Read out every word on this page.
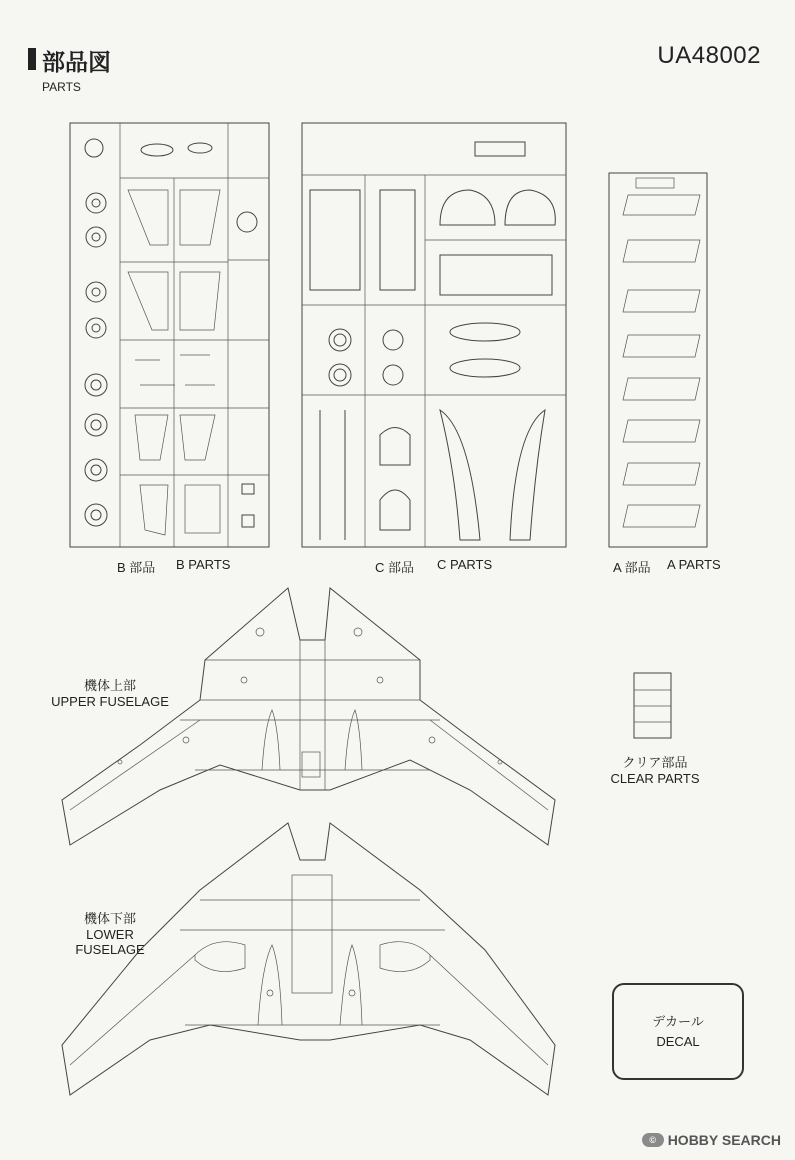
部品図
PARTS
UA48002
B 部品 B PARTS	C 部品 C PARTS	A 部品 A PARTS
機体上部
UPPER FUSELAGE
機体下部
LOWER FUSELAGE
クリア部品
CLEAR PARTS
デカール
DECAL
© HOBBY SEARCH
